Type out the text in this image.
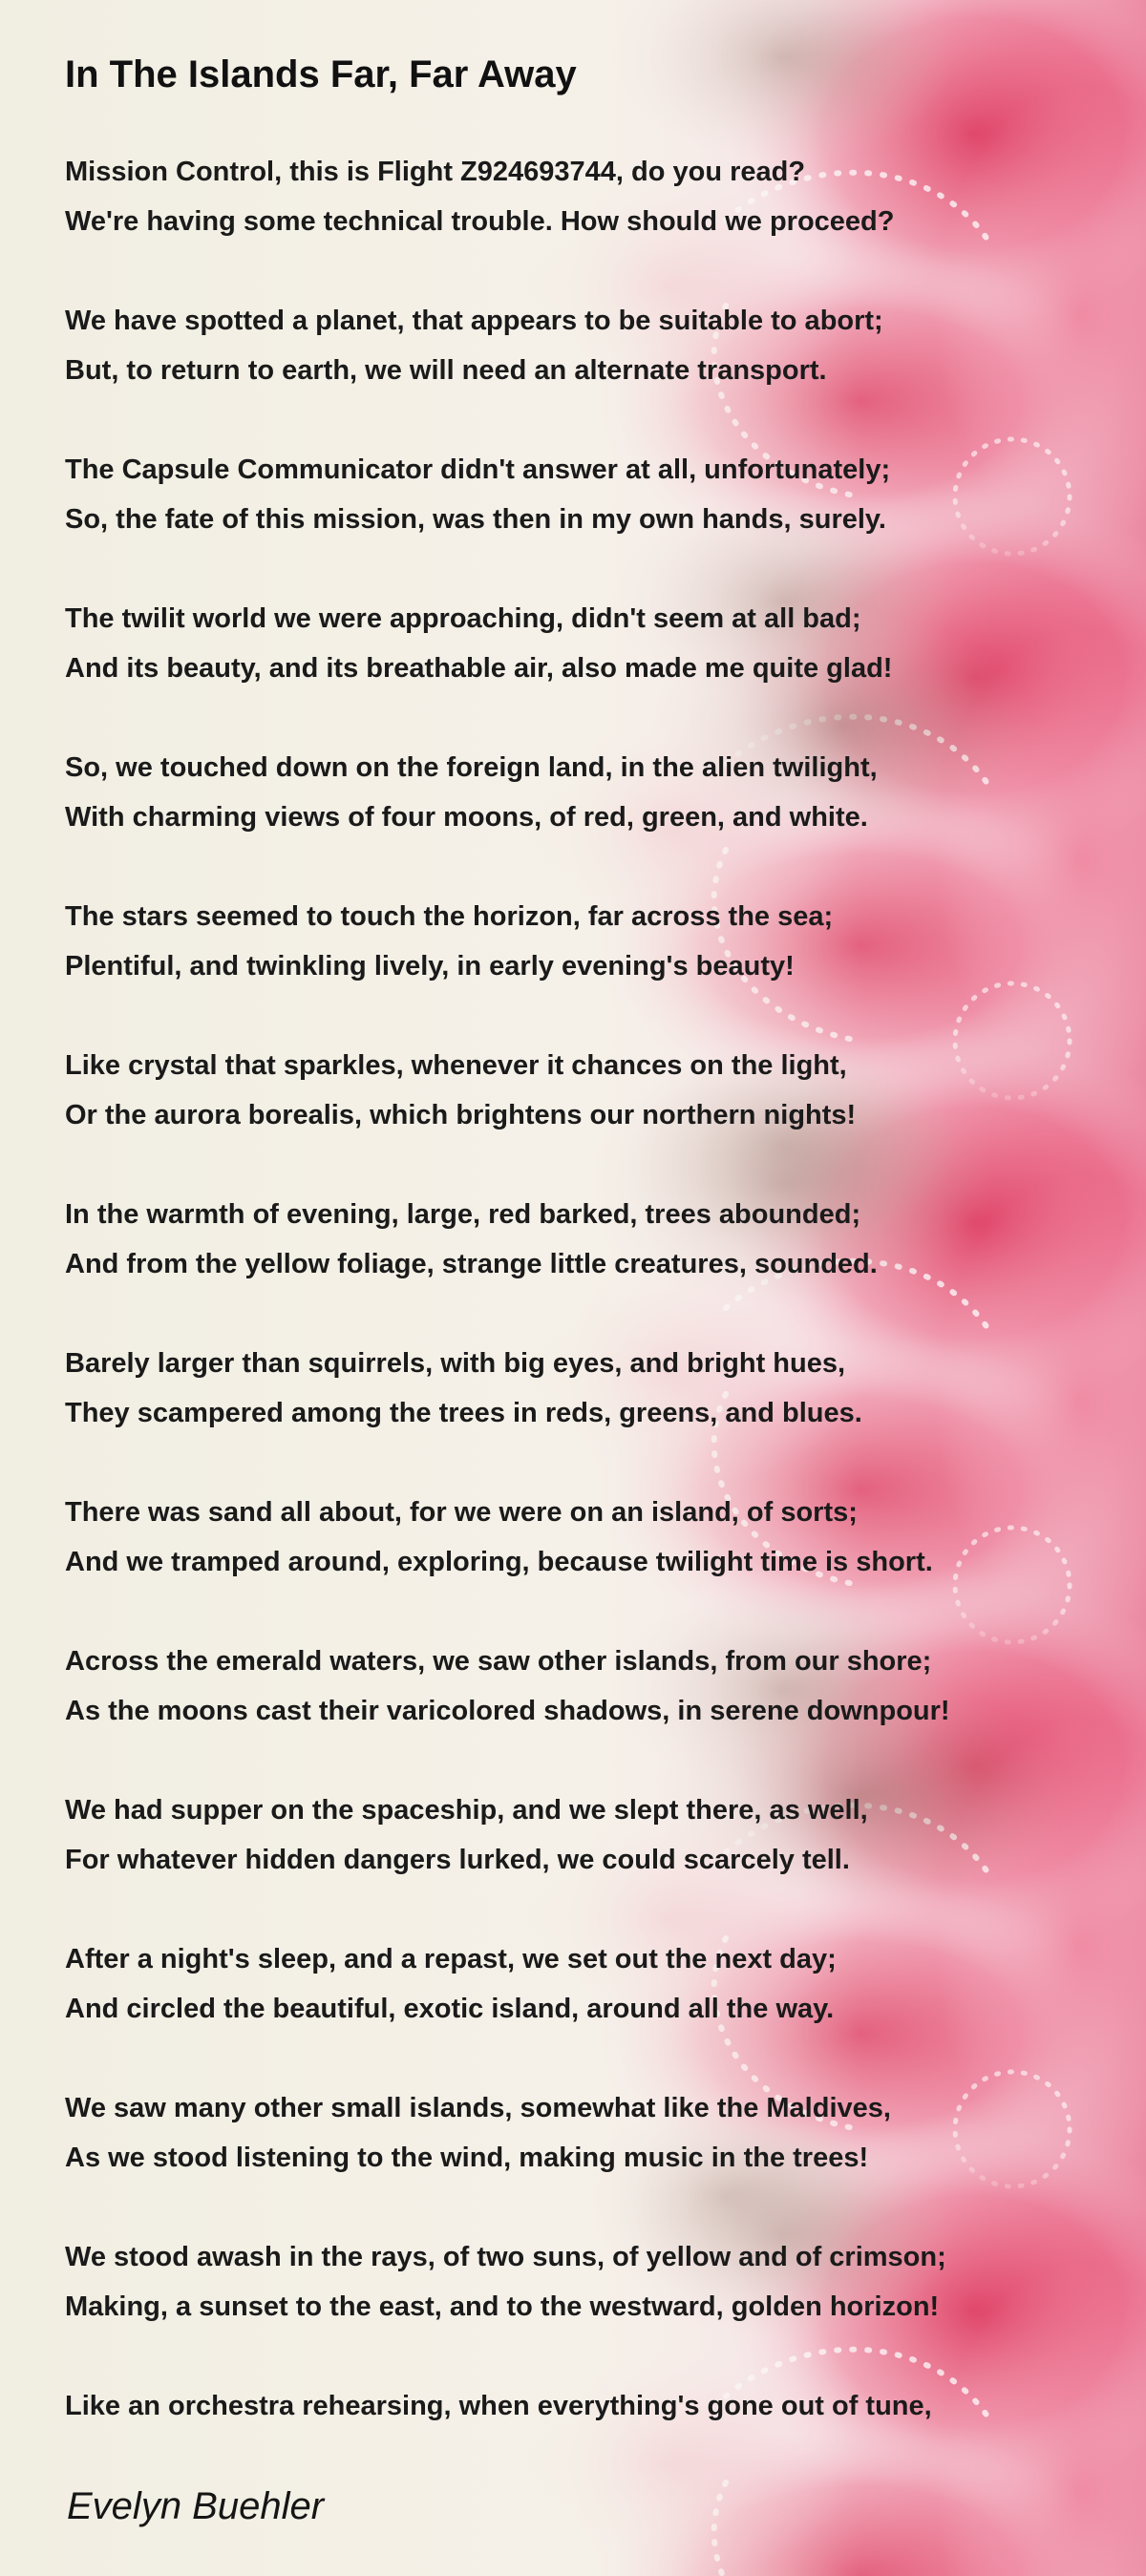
In The Islands Far, Far Away
Mission Control, this is Flight Z924693744, do you read?
We're having some technical trouble. How should we proceed?
We have spotted a planet, that appears to be suitable to abort;
But, to return to earth, we will need an alternate transport.
The Capsule Communicator didn't answer at all, unfortunately;
So, the fate of this mission, was then in my own hands, surely.
The twilit world we were approaching, didn't seem at all bad;
And its beauty, and its breathable air, also made me quite glad!
So, we touched down on the foreign land, in the alien twilight,
With charming views of four moons, of red, green, and white.
The stars seemed to touch the horizon, far across the sea;
Plentiful, and twinkling lively, in early evening's beauty!
Like crystal that sparkles, whenever it chances on the light,
Or the aurora borealis, which brightens our northern nights!
In the warmth of evening, large, red barked, trees abounded;
And from the yellow foliage, strange little creatures, sounded.
Barely larger than squirrels, with big eyes, and bright hues,
They scampered among the trees in reds, greens, and blues.
There was sand all about, for we were on an island, of sorts;
And we tramped around, exploring, because twilight time is short.
Across the emerald waters, we saw other islands, from our shore;
As the moons cast their varicolored shadows, in serene downpour!
We had supper on the spaceship, and we slept there, as well,
For whatever hidden dangers lurked, we could scarcely tell.
After a night's sleep, and a repast, we set out the next day;
And circled the beautiful, exotic island, around all the way.
We saw many other small islands, somewhat like the Maldives,
As we stood listening to the wind, making music in the trees!
We stood awash in the rays, of two suns, of yellow and of crimson;
Making, a sunset to the east, and to the westward, golden horizon!
Like an orchestra rehearsing, when everything's gone out of tune,
Evelyn Buehler
